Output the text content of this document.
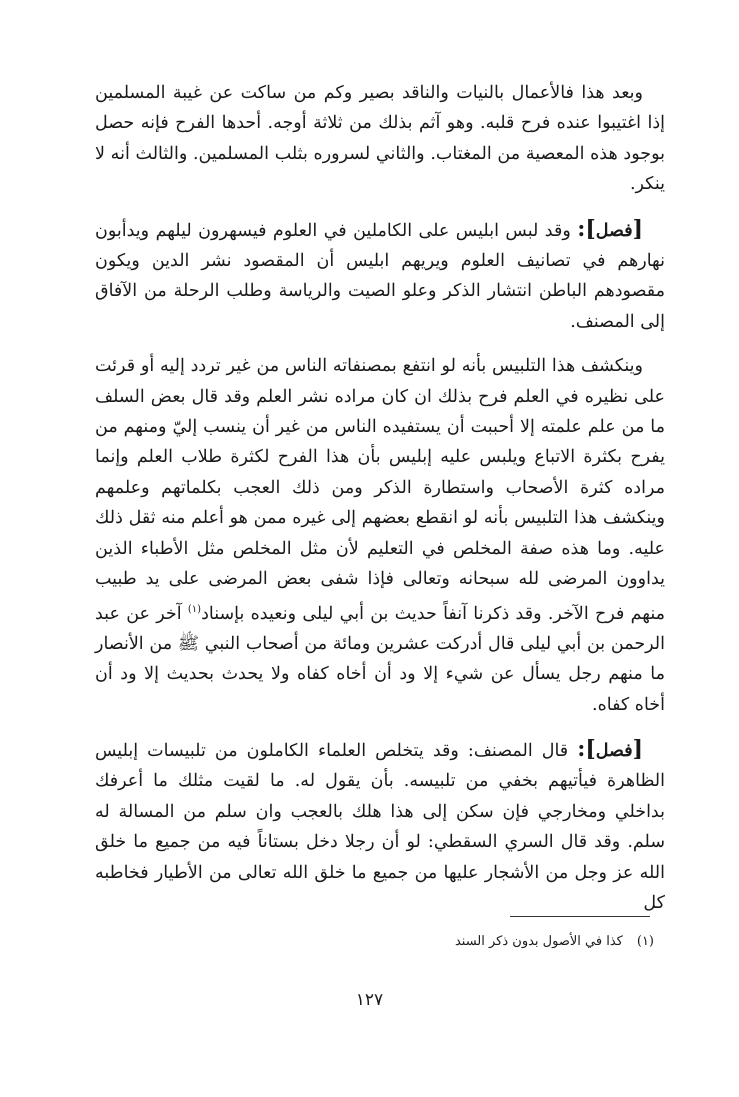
وبعد هذا فالأعمال بالنيات والناقد بصير وكم من ساكت عن غيبة المسلمين إذا اغتيبوا عنده فرح قلبه. وهو آثم بذلك من ثلاثة أوجه. أحدها الفرح فإنه حصل بوجود هذه المعصية من المغتاب. والثاني لسروره بثلب المسلمين. والثالث أنه لا ينكر.

[فصل]: وقد لبس ابليس على الكاملين في العلوم فيسهرون ليلهم ويدأبون نهارهم في تصانيف العلوم ويريهم ابليس أن المقصود نشر الدين ويكون مقصودهم الباطن انتشار الذكر وعلو الصيت والرياسة وطلب الرحلة من الآفاق إلى المصنف.

وينكشف هذا التلبيس بأنه لو انتفع بمصنفاته الناس من غير تردد إليه أو قرئت على نظيره في العلم فرح بذلك ان كان مراده نشر العلم وقد قال بعض السلف ما من علم علمته إلا أحببت أن يستفيده الناس من غير أن ينسب إليّ ومنهم من يفرح بكثرة الاتباع ويلبس عليه إبليس بأن هذا الفرح لكثرة طلاب العلم وإنما مراده كثرة الأصحاب واستطارة الذكر ومن ذلك العجب بكلماتهم وعلمهم وينكشف هذا التلبيس بأنه لو انقطع بعضهم إلى غيره ممن هو أعلم منه ثقل ذلك عليه. وما هذه صفة المخلص في التعليم لأن مثل المخلص مثل الأطباء الذين يداوون المرضى لله سبحانه وتعالى فإذا شفى بعض المرضى على يد طبيب منهم فرح الآخر. وقد ذكرنا آنفاً حديث بن أبي ليلى ونعيده بإسناد$^{(١)}$ آخر عن عبد الرحمن بن أبي ليلى قال أدركت عشرين ومائة من أصحاب النبي ﷺ من الأنصار ما منهم رجل يسأل عن شيء إلا ود أن أخاه كفاه ولا يحدث بحديث إلا ود أن أخاه كفاه.

[فصل]: قال المصنف: وقد يتخلص العلماء الكاملون من تلبيسات إبليس الظاهرة فيأتيهم بخفي من تلبيسه. بأن يقول له. ما لقيت مثلك ما أعرفك بداخلي ومخارجي فإن سكن إلى هذا هلك بالعجب وان سلم من المسالة له سلم. وقد قال السري السقطي: لو أن رجلا دخل بستاناً فيه من جميع ما خلق الله عز وجل من الأشجار عليها من جميع ما خلق الله تعالى من الأطيار فخاطبه كل

(١)كذا في الأصول بدون ذكر السند
١٢٧
